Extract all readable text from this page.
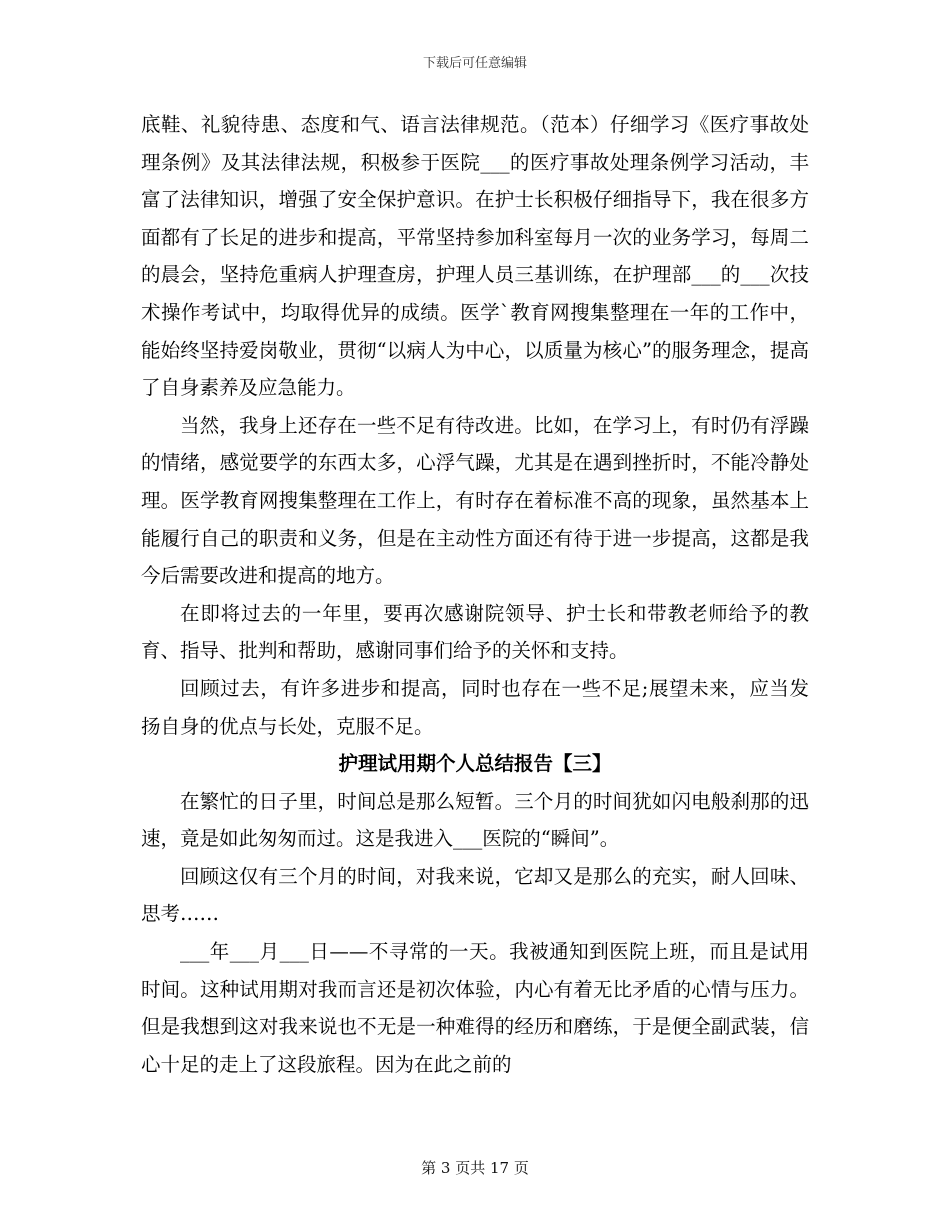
下载后可任意编辑

底鞋、礼貌待患、态度和气、语言法律规范。（范本）仔细学习《医疗事故处理条例》及其法律法规，积极参于医院___的医疗事故处理条例学习活动，丰富了法律知识，增强了安全保护意识。在护士长积极仔细指导下，我在很多方面都有了长足的进步和提高，平常坚持参加科室每月一次的业务学习，每周二的晨会，坚持危重病人护理查房，护理人员三基训练，在护理部___的___次技术操作考试中，均取得优异的成绩。医学`教育网搜集整理在一年的工作中，能始终坚持爱岗敬业，贯彻“以病人为中心，以质量为核心”的服务理念，提高了自身素养及应急能力。

当然，我身上还存在一些不足有待改进。比如，在学习上，有时仍有浮躁的情绪，感觉要学的东西太多，心浮气躁，尤其是在遇到挫折时，不能冷静处理。医学教育网搜集整理在工作上，有时存在着标准不高的现象，虽然基本上能履行自己的职责和义务，但是在主动性方面还有待于进一步提高，这都是我今后需要改进和提高的地方。

在即将过去的一年里，要再次感谢院领导、护士长和带教老师给予的教育、指导、批判和帮助，感谢同事们给予的关怀和支持。

回顾过去，有许多进步和提高，同时也存在一些不足;展望未来，应当发扬自身的优点与长处，克服不足。

护理试用期个人总结报告【三】

在繁忙的日子里，时间总是那么短暂。三个月的时间犹如闪电般刹那的迅速，竟是如此匆匆而过。这是我进入___医院的“瞬间”。

回顾这仅有三个月的时间，对我来说，它却又是那么的充实，耐人回味、思考……

___年___月___日——不寻常的一天。我被通知到医院上班，而且是试用时间。这种试用期对我而言还是初次体验，内心有着无比矛盾的心情与压力。但是我想到这对我来说也不无是一种难得的经历和磨练，于是便全副武装，信心十足的走上了这段旅程。因为在此之前的

第 3 页共 17 页
